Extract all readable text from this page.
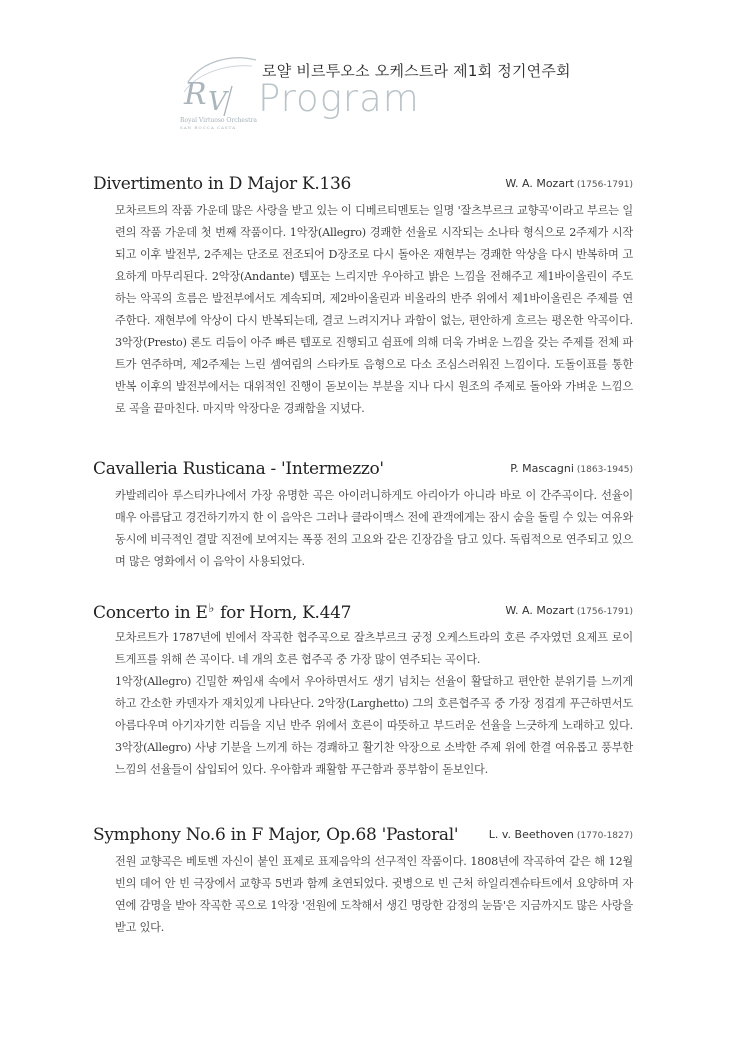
R V
Royal Virtuoso Orchestra
SAN ROCCA CASTA
로얄 비르투오소 오케스트라 제1회 정기연주회
Program
Divertimento in D Major K.136	W. A. Mozart (1756-1791)

모차르트의 작품 가운데 많은 사랑을 받고 있는 이 디베르티멘토는 일명 '잘츠부르크 교향곡'이라고 부르는 일련의 작품 가운데 첫 번째 작품이다. 1악장(Allegro) 경쾌한 선율로 시작되는 소나타 형식으로 2주제가 시작되고 이후 발전부, 2주제는 단조로 전조되어 D장조로 다시 돌아온 재현부는 경쾌한 악상을 다시 반복하며 고요하게 마무리된다. 2악장(Andante) 템포는 느리지만 우아하고 밝은 느낌을 전해주고 제1바이올린이 주도하는 악곡의 흐름은 발전부에서도 계속되며, 제2바이올린과 비올라의 반주 위에서 제1바이올린은 주제를 연주한다. 재현부에 악상이 다시 반복되는데, 결코 느려지거나 과함이 없는, 편안하게 흐르는 평온한 악곡이다. 3악장(Presto) 론도 리듬이 아주 빠른 템포로 진행되고 쉼표에 의해 더욱 가벼운 느낌을 갖는 주제를 전체 파트가 연주하며, 제2주제는 느린 셈여림의 스타카토 음형으로 다소 조심스러워진 느낌이다. 도돌이표를 통한 반복 이후의 발전부에서는 대위적인 진행이 돋보이는 부분을 지나 다시 원조의 주제로 돌아와 가벼운 느낌으로 곡을 끝마친다. 마지막 악장다운 경쾌함을 지녔다.

Cavalleria Rusticana - 'Intermezzo'	P. Mascagni (1863-1945)

카발레리아 루스티카나에서 가장 유명한 곡은 아이러니하게도 아리아가 아니라 바로 이 간주곡이다. 선율이 매우 아름답고 경건하기까지 한 이 음악은 그러나 클라이맥스 전에 관객에게는 잠시 숨을 돌릴 수 있는 여유와 동시에 비극적인 결말 직전에 보여지는 폭풍 전의 고요와 같은 긴장감을 담고 있다. 독립적으로 연주되고 있으며 많은 영화에서 이 음악이 사용되었다.

Concerto in E♭ for Horn, K.447	W. A. Mozart (1756-1791)

모차르트가 1787년에 빈에서 작곡한 협주곡으로 잘츠부르크 궁정 오케스트라의 호른 주자였던 요제프 로이트게프를 위해 쓴 곡이다. 네 개의 호른 협주곡 중 가장 많이 연주되는 곡이다.

1악장(Allegro) 긴밀한 짜임새 속에서 우아하면서도 생기 넘치는 선율이 활달하고 편안한 분위기를 느끼게 하고 간소한 카덴자가 재치있게 나타난다. 2악장(Larghetto) 그의 호른협주곡 중 가장 정겹게 푸근하면서도 아름다우며 아기자기한 리듬을 지닌 반주 위에서 호른이 따뜻하고 부드러운 선율을 느긋하게 노래하고 있다. 3악장(Allegro) 사냥 기분을 느끼게 하는 경쾌하고 활기찬 악장으로 소박한 주제 위에 한결 여유롭고 풍부한 느낌의 선율들이 삽입되어 있다. 우아함과 쾌활함 푸근함과 풍부함이 돋보인다.

Symphony No.6 in F Major, Op.68 'Pastoral'	L. v. Beethoven (1770-1827)

전원 교향곡은 베토벤 자신이 붙인 표제로 표제음악의 선구적인 작품이다. 1808년에 작곡하여 같은 해 12월 빈의 데어 안 빈 극장에서 교향곡 5번과 함께 초연되었다. 귓병으로 빈 근처 하일리겐슈타트에서 요양하며 자연에 감명을 받아 작곡한 곡으로 1악장 '전원에 도착해서 생긴 명랑한 감정의 눈뜸'은 지금까지도 많은 사랑을 받고 있다.
